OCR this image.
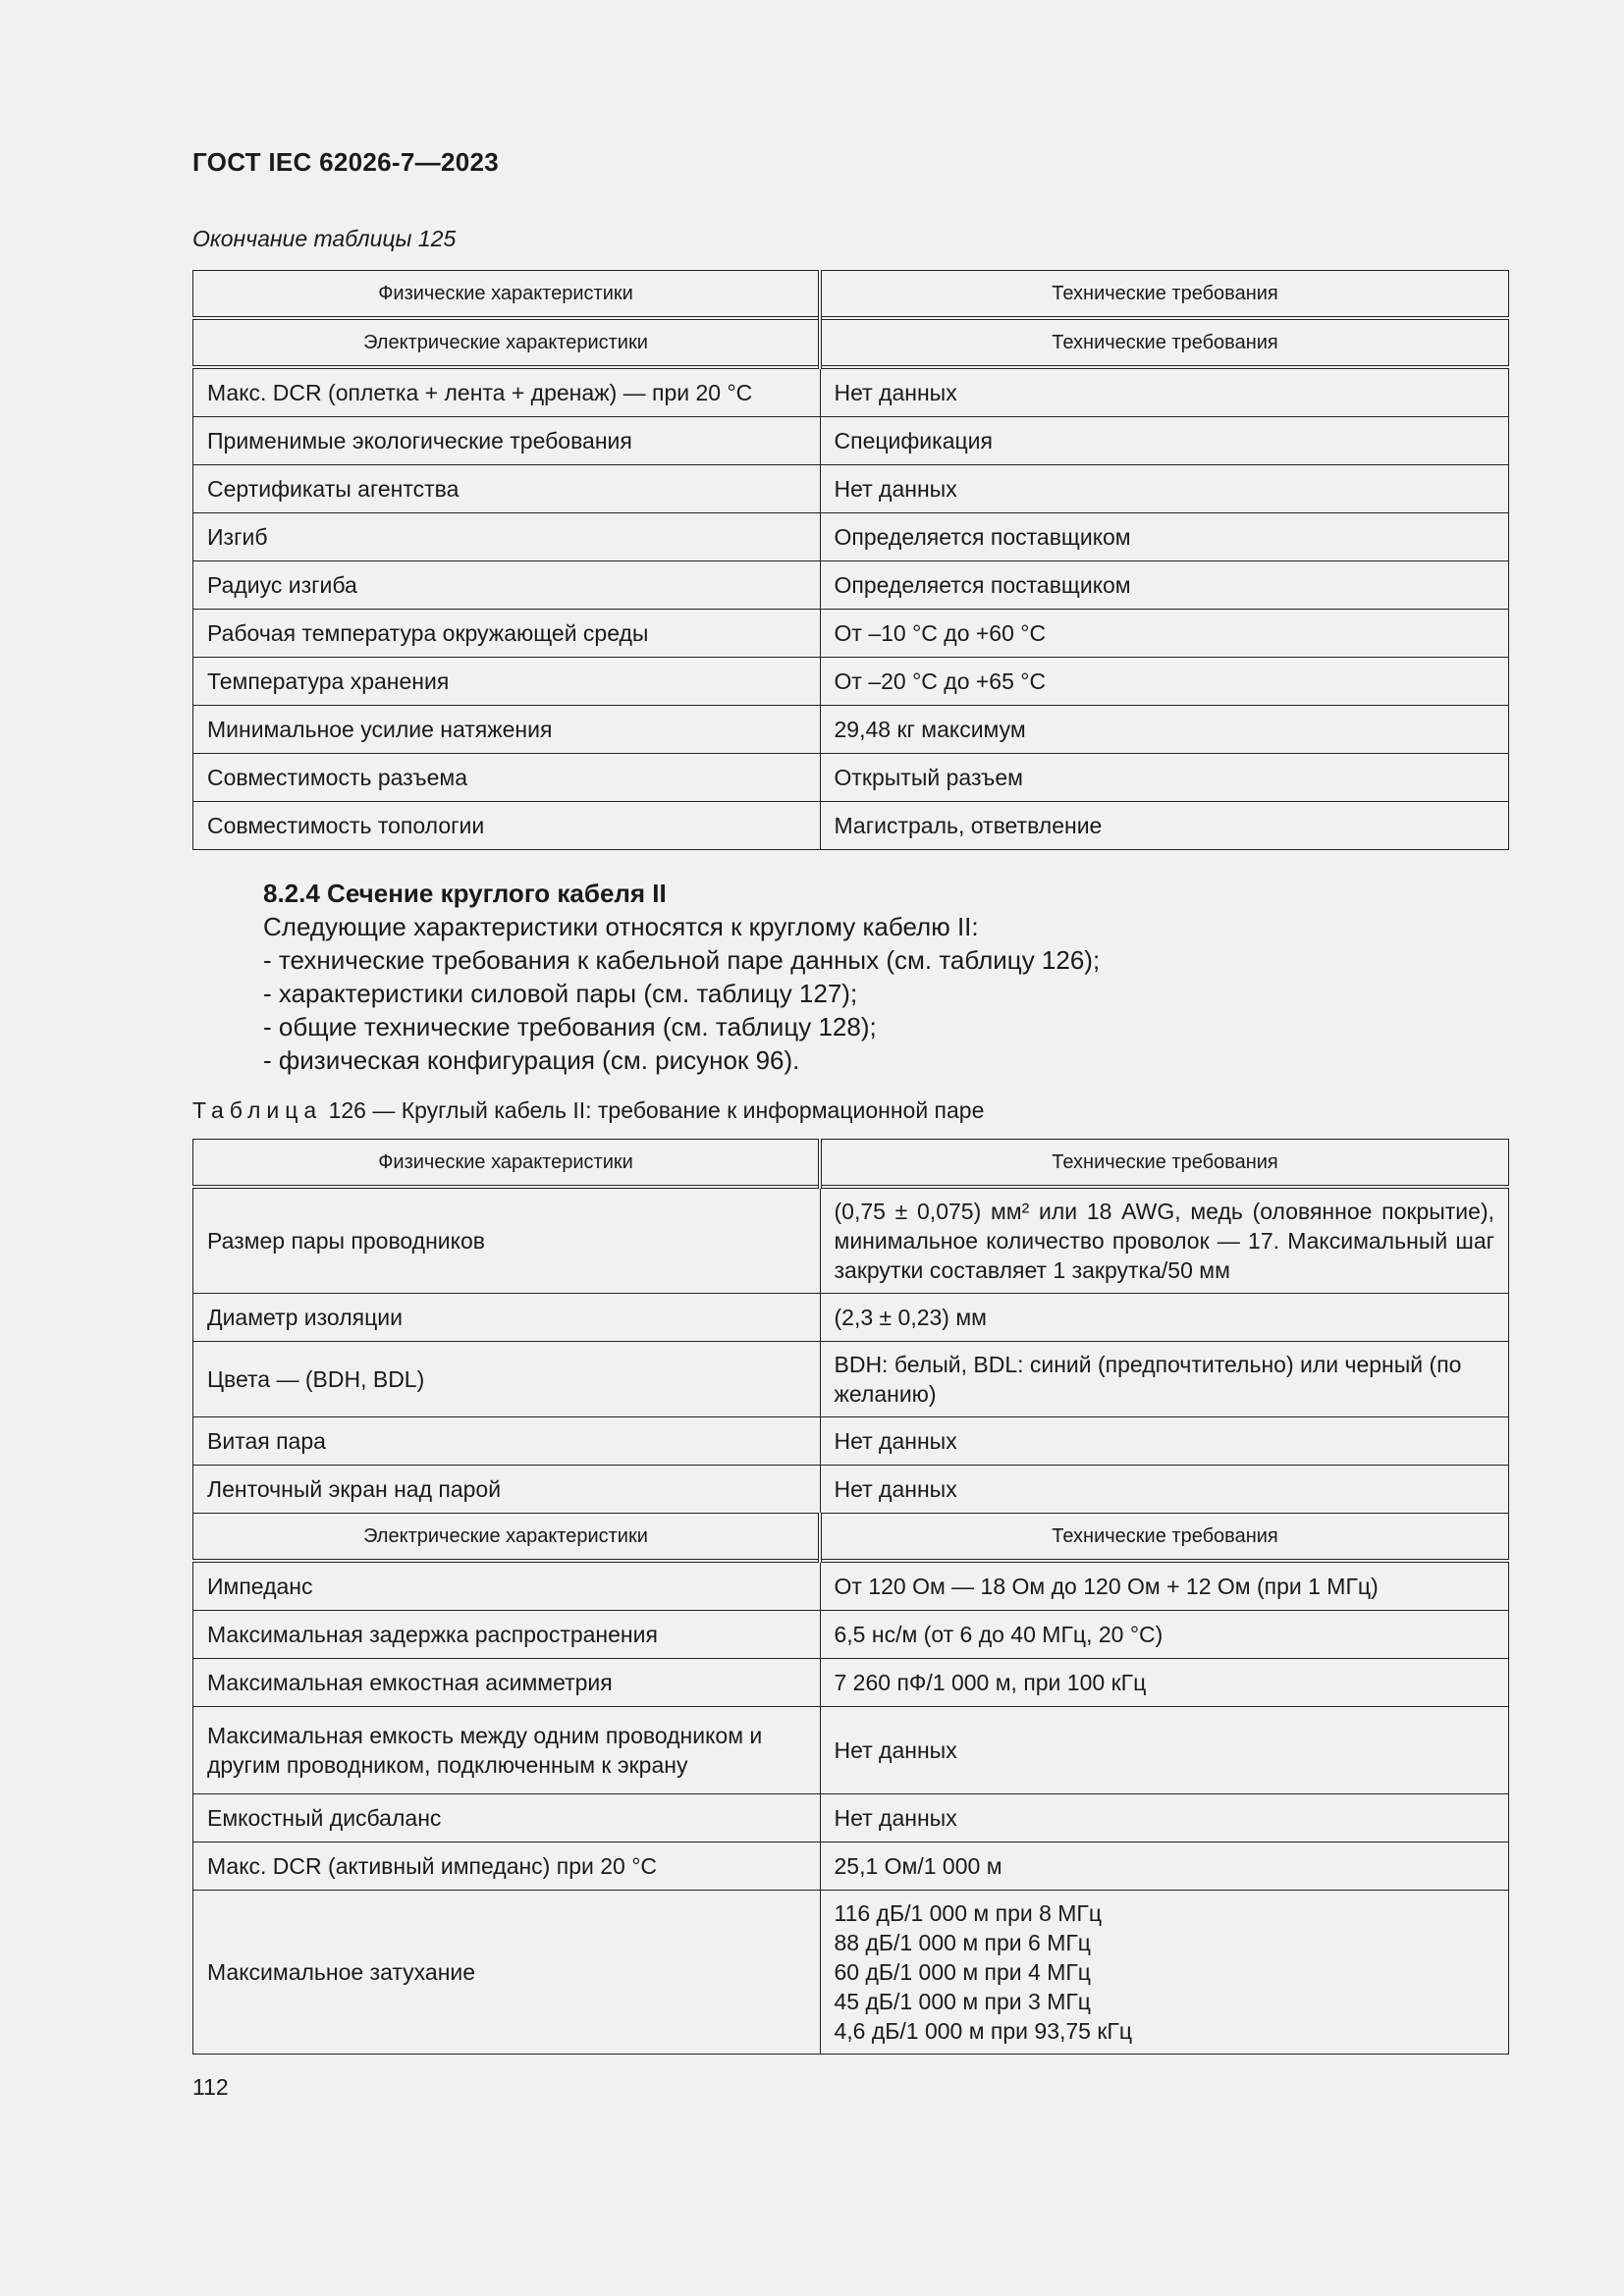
ГОСТ IEC 62026-7—2023
Окончание таблицы 125
Физические характеристики	Технические требования
Электрические характеристики	Технические требования
Макс. DCR (оплетка + лента + дренаж) — при 20 °С	Нет данных
Применимые экологические требования	Спецификация
Сертификаты агентства	Нет данных
Изгиб	Определяется поставщиком
Радиус изгиба	Определяется поставщиком
Рабочая температура окружающей среды	От –10 °С до +60 °С
Температура хранения	От –20 °С до +65 °С
Минимальное усилие натяжения	29,48 кг максимум
Совместимость разъема	Открытый разъем
Совместимость топологии	Магистраль, ответвление
8.2.4 Сечение круглого кабеля II
Следующие характеристики относятся к круглому кабелю II:
- технические требования к кабельной паре данных (см. таблицу 126);
- характеристики силовой пары (см. таблицу 127);
- общие технические требования (см. таблицу 128);
- физическая конфигурация (см. рисунок 96).
Таблица 126 — Круглый кабель II: требование к информационной паре
Физические характеристики	Технические требования
Размер пары проводников	(0,75 ± 0,075) мм² или 18 AWG, медь (оловянное покрытие), минимальное количество проволок — 17. Максимальный шаг закрутки составляет 1 закрутка/50 мм
Диаметр изоляции	(2,3 ± 0,23) мм
Цвета — (BDH, BDL)	BDH: белый, BDL: синий (предпочтительно) или черный (по желанию)
Витая пара	Нет данных
Ленточный экран над парой	Нет данных
Электрические характеристики	Технические требования
Импеданс	От 120 Ом — 18 Ом до 120 Ом + 12 Ом (при 1 МГц)
Максимальная задержка распространения	6,5 нс/м (от 6 до 40 МГц, 20 °С)
Максимальная емкостная асимметрия	7 260 пФ/1 000 м, при 100 кГц
Максимальная емкость между одним проводником и другим проводником, подключенным к экрану	Нет данных
Емкостный дисбаланс	Нет данных
Макс. DCR (активный импеданс) при 20 °С	25,1 Ом/1 000 м
Максимальное затухание	116 дБ/1 000 м при 8 МГц
88 дБ/1 000 м при 6 МГц
60 дБ/1 000 м при 4 МГц
45 дБ/1 000 м при 3 МГц
4,6 дБ/1 000 м при 93,75 кГц
112
